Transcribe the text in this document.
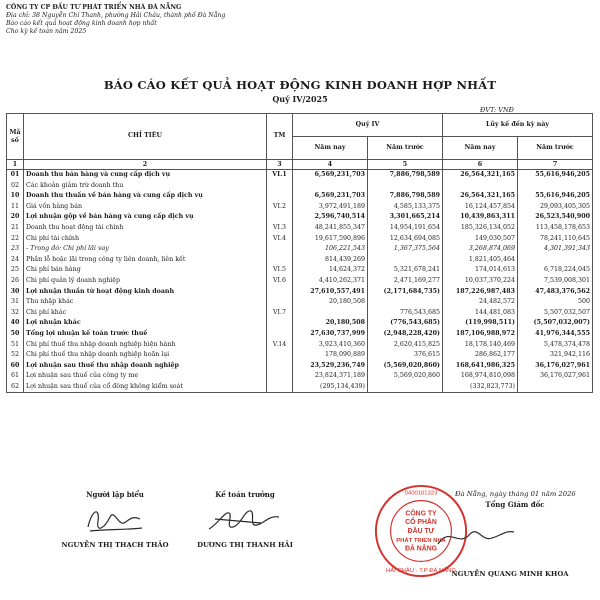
CÔNG TY CP ĐẦU TƯ PHÁT TRIỂN NHÀ ĐÀ NẴNG
Địa chỉ: 38 Nguyễn Chí Thanh, phường Hải Châu, thành phố Đà Nẵng
Báo cáo kết quả hoạt động kinh doanh hợp nhất
Cho kỳ kế toán năm 2025
BÁO CÁO KẾT QUẢ HOẠT ĐỘNG KINH DOANH HỢP NHẤT
Quý IV/2025
ĐVT: VNĐ
Mã số	CHỈ TIÊU	TM	Quý IV		Lũy kế đến kỳ này	
			Năm nay	Năm trước	Năm nay	Năm trước
1	2	3	4	5	6	7
01	Doanh thu bán hàng và cung cấp dịch vụ	VI.1	6,569,231,703	7,886,798,589	26,564,321,165	55,616,946,205
02	Các khoản giảm trừ doanh thu					
10	Doanh thu thuần về bán hàng và cung cấp dịch vụ		6,569,231,703	7,886,798,589	26,564,321,165	55,616,946,205
11	Giá vốn hàng bán	VI.2	3,972,491,189	4,585,133,375	16,124,457,854	29,093,405,305
20	Lợi nhuận gộp về bán hàng và cung cấp dịch vụ		2,596,740,514	3,301,665,214	10,439,863,311	26,523,540,900
21	Doanh thu hoạt động tài chính	VI.3	48,241,855,347	14,954,191,654	185,326,134,052	113,458,178,653
22	Chi phí tài chính	VI.4	19,617,590,896	12,634,694,085	149,030,507	78,241,110,645
23	- Trong đó: Chi phí lãi vay		106,221,543	1,367,375,564	3,268,874,069	4,301,391,343
24	Phần lỗ hoặc lãi trong công ty liên doanh, liên kết		814,439,269		1,821,405,464	
25	Chi phí bán hàng	VI.5	14,624,372	5,321,678,241	174,014,613	6,718,224,045
26	Chi phí quản lý doanh nghiệp	VI.6	4,410,262,371	2,471,169,277	10,037,370,224	7,539,008,301
30	Lợi nhuận thuần từ hoạt động kinh doanh		27,610,557,491	(2,171,684,735)	187,226,987,483	47,483,376,562
31	Thu nhập khác		20,180,508		24,482,572	500
32	Chi phí khác	VI.7		776,543,685	144,481,083	5,507,032,507
40	Lợi nhuận khác		20,180,508	(776,543,685)	(119,998,511)	(5,507,032,007)
50	Tổng lợi nhuận kế toán trước thuế		27,630,737,999	(2,948,228,420)	187,106,988,972	41,976,344,555
51	Chi phí thuế thu nhập doanh nghiệp hiện hành	V.14	3,923,410,360	2,620,415,825	18,178,140,469	5,478,374,478
52	Chi phí thuế thu nhập doanh nghiệp hoãn lại		178,090,889	376,615	286,862,177	321,942,116
60	Lợi nhuận sau thuế thu nhập doanh nghiệp		23,529,236,749	(5,569,020,860)	168,641,986,325	36,176,027,961
61	Lợi nhuận sau thuế của công ty mẹ		23,824,371,189	5,569,020,860	168,974,810,098	36,176,027,961
62	Lợi nhuận sau thuế của cổ đông không kiểm soát		(295,134,439)		(332,823,773)	
Người lập biểu
NGUYỄN THỊ THẠCH THẢO
Kế toán trưởng
DƯƠNG THỊ THANH HẢI
Đà Nẵng, ngày tháng 01 năm 2026
Tổng Giám đốc
CÔNG TY
CỔ PHẦN
ĐẦU TƯ
PHÁT TRIỂN NHÀ
ĐÀ NẴNG
0400101323
HẢI CHÂU · T.P ĐÀ NẴNG
NGUYỄN QUANG MINH KHOA
